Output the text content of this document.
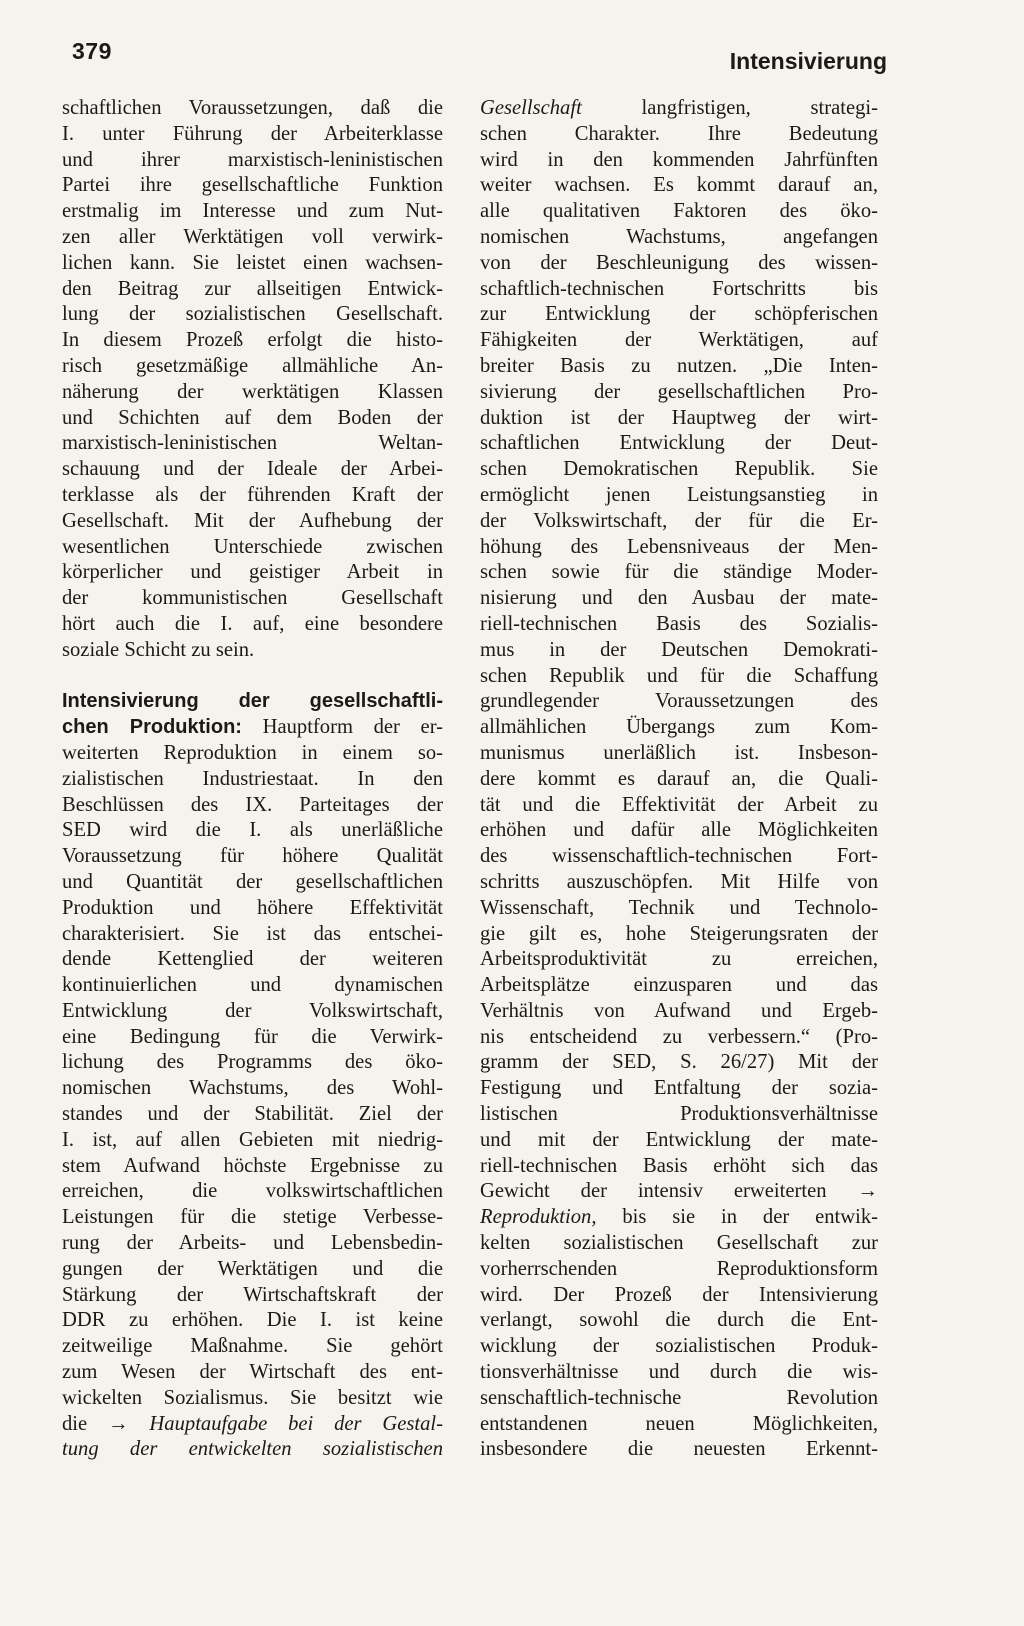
379	Intensivierung
schaftlichen Voraussetzungen, daß die
I. unter Führung der Arbeiterklasse
und ihrer marxistisch-leninistischen
Partei ihre gesellschaftliche Funktion
erstmalig im Interesse und zum Nut-
zen aller Werktätigen voll verwirk-
lichen kann. Sie leistet einen wachsen-
den Beitrag zur allseitigen Entwick-
lung der sozialistischen Gesellschaft.
In diesem Prozeß erfolgt die histo-
risch gesetzmäßige allmähliche An-
näherung der werktätigen Klassen
und Schichten auf dem Boden der
marxistisch-leninistischen Weltan-
schauung und der Ideale der Arbei-
terklasse als der führenden Kraft der
Gesellschaft. Mit der Aufhebung der
wesentlichen Unterschiede zwischen
körperlicher und geistiger Arbeit in
der kommunistischen Gesellschaft
hört auch die I. auf, eine besondere
soziale Schicht zu sein.
Intensivierung der gesellschaftli-
chen Produktion: Hauptform der er-
weiterten Reproduktion in einem so-
zialistischen Industriestaat. In den
Beschlüssen des IX. Parteitages der
SED wird die I. als unerläßliche
Voraussetzung für höhere Qualität
und Quantität der gesellschaftlichen
Produktion und höhere Effektivität
charakterisiert. Sie ist das entschei-
dende Kettenglied der weiteren
kontinuierlichen und dynamischen
Entwicklung der Volkswirtschaft,
eine Bedingung für die Verwirk-
lichung des Programms des öko-
nomischen Wachstums, des Wohl-
standes und der Stabilität. Ziel der
I. ist, auf allen Gebieten mit niedrig-
stem Aufwand höchste Ergebnisse zu
erreichen, die volkswirtschaftlichen
Leistungen für die stetige Verbesse-
rung der Arbeits- und Lebensbedin-
gungen der Werktätigen und die
Stärkung der Wirtschaftskraft der
DDR zu erhöhen. Die I. ist keine
zeitweilige Maßnahme. Sie gehört
zum Wesen der Wirtschaft des ent-
wickelten Sozialismus. Sie besitzt wie
die → Hauptaufgabe bei der Gestal-
tung der entwickelten sozialistischen
Gesellschaft langfristigen, strategi-
schen Charakter. Ihre Bedeutung
wird in den kommenden Jahrfünften
weiter wachsen. Es kommt darauf an,
alle qualitativen Faktoren des öko-
nomischen Wachstums, angefangen
von der Beschleunigung des wissen-
schaftlich-technischen Fortschritts bis
zur Entwicklung der schöpferischen
Fähigkeiten der Werktätigen, auf
breiter Basis zu nutzen. „Die Inten-
sivierung der gesellschaftlichen Pro-
duktion ist der Hauptweg der wirt-
schaftlichen Entwicklung der Deut-
schen Demokratischen Republik. Sie
ermöglicht jenen Leistungsanstieg in
der Volkswirtschaft, der für die Er-
höhung des Lebensniveaus der Men-
schen sowie für die ständige Moder-
nisierung und den Ausbau der mate-
riell-technischen Basis des Sozialis-
mus in der Deutschen Demokrati-
schen Republik und für die Schaffung
grundlegender Voraussetzungen des
allmählichen Übergangs zum Kom-
munismus unerläßlich ist. Insbeson-
dere kommt es darauf an, die Quali-
tät und die Effektivität der Arbeit zu
erhöhen und dafür alle Möglichkeiten
des wissenschaftlich-technischen Fort-
schritts auszuschöpfen. Mit Hilfe von
Wissenschaft, Technik und Technolo-
gie gilt es, hohe Steigerungsraten der
Arbeitsproduktivität zu erreichen,
Arbeitsplätze einzusparen und das
Verhältnis von Aufwand und Ergeb-
nis entscheidend zu verbessern.“ (Pro-
gramm der SED, S. 26/27) Mit der
Festigung und Entfaltung der sozia-
listischen Produktionsverhältnisse
und mit der Entwicklung der mate-
riell-technischen Basis erhöht sich das
Gewicht der intensiv erweiterten →
Reproduktion, bis sie in der entwik-
kelten sozialistischen Gesellschaft zur
vorherrschenden Reproduktionsform
wird. Der Prozeß der Intensivierung
verlangt, sowohl die durch die Ent-
wicklung der sozialistischen Produk-
tionsverhältnisse und durch die wis-
senschaftlich-technische Revolution
entstandenen neuen Möglichkeiten,
insbesondere die neuesten Erkennt-
